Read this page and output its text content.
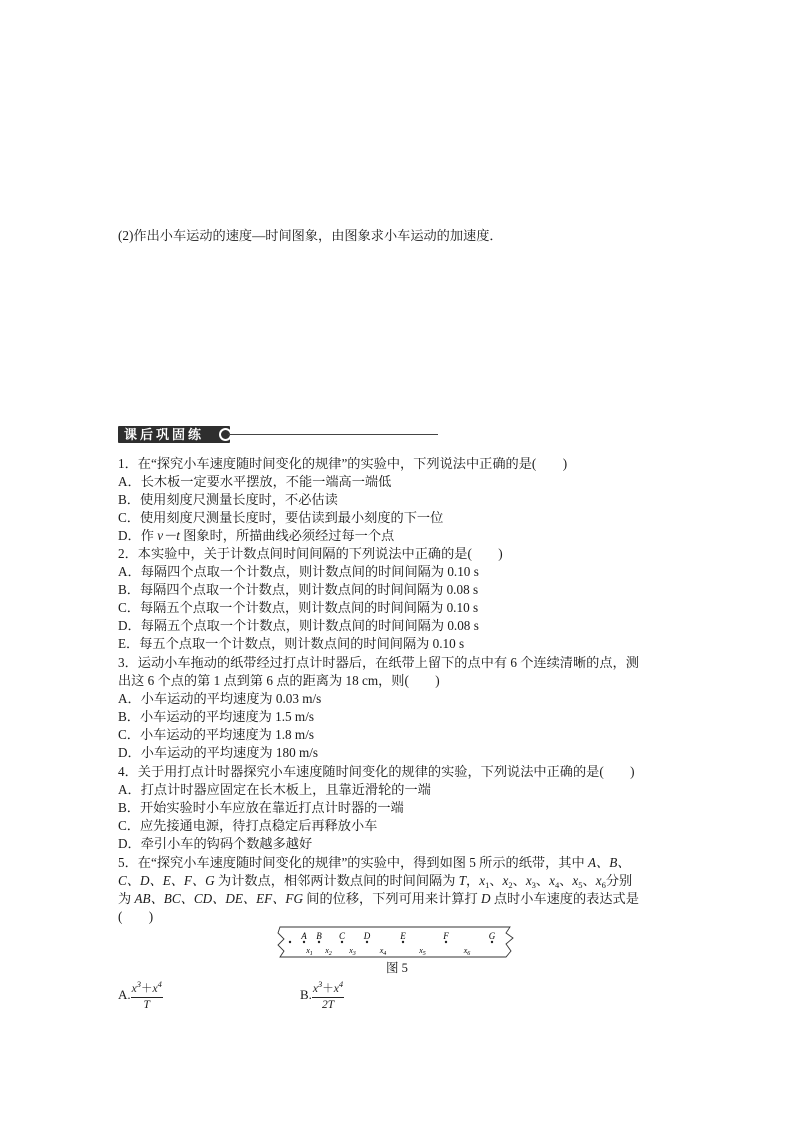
(2)作出小车运动的速度—时间图象，由图象求小车运动的加速度．
课后巩固练
1．在“探究小车速度随时间变化的规律”的实验中，下列说法中正确的是(　　)
A．长木板一定要水平摆放，不能一端高一端低
B．使用刻度尺测量长度时，不必估读
C．使用刻度尺测量长度时，要估读到最小刻度的下一位
D．作 v－t 图象时，所描曲线必须经过每一个点
2．本实验中，关于计数点间时间间隔的下列说法中正确的是(　　)
A．每隔四个点取一个计数点，则计数点间的时间间隔为 0.10 s
B．每隔四个点取一个计数点，则计数点间的时间间隔为 0.08 s
C．每隔五个点取一个计数点，则计数点间的时间间隔为 0.10 s
D．每隔五个点取一个计数点，则计数点间的时间间隔为 0.08 s
E．每五个点取一个计数点，则计数点间的时间间隔为 0.10 s
3．运动小车拖动的纸带经过打点计时器后，在纸带上留下的点中有 6 个连续清晰的点，测
出这 6 个点的第 1 点到第 6 点的距离为 18 cm，则(　　)
A．小车运动的平均速度为 0.03 m/s
B．小车运动的平均速度为 1.5 m/s
C．小车运动的平均速度为 1.8 m/s
D．小车运动的平均速度为 180 m/s
4．关于用打点计时器探究小车速度随时间变化的规律的实验，下列说法中正确的是(　　)
A．打点计时器应固定在长木板上，且靠近滑轮的一端
B．开始实验时小车应放在靠近打点计时器的一端
C．应先接通电源，待打点稳定后再释放小车
D．牵引小车的钩码个数越多越好
5．在“探究小车速度随时间变化的规律”的实验中，得到如图 5 所示的纸带，其中 A、B、
C、D、E、F、G 为计数点，相邻两计数点间的时间间隔为 T，$x_1$、$x_2$、$x_3$、$x_4$、$x_5$、$x_6$分别
为 AB、BC、CD、DE、EF、FG 间的位移，下列可用来计算打 D 点时小车速度的表达式是
(　　)
A B C D	E	F	G
$x_1$ $x_2$ $x_3$	$x_4$	$x_5$	$x_6$
图 5
A. $\frac{x^3+x^4}{T}$	B. $\frac{x^3+x^4}{2T}$
